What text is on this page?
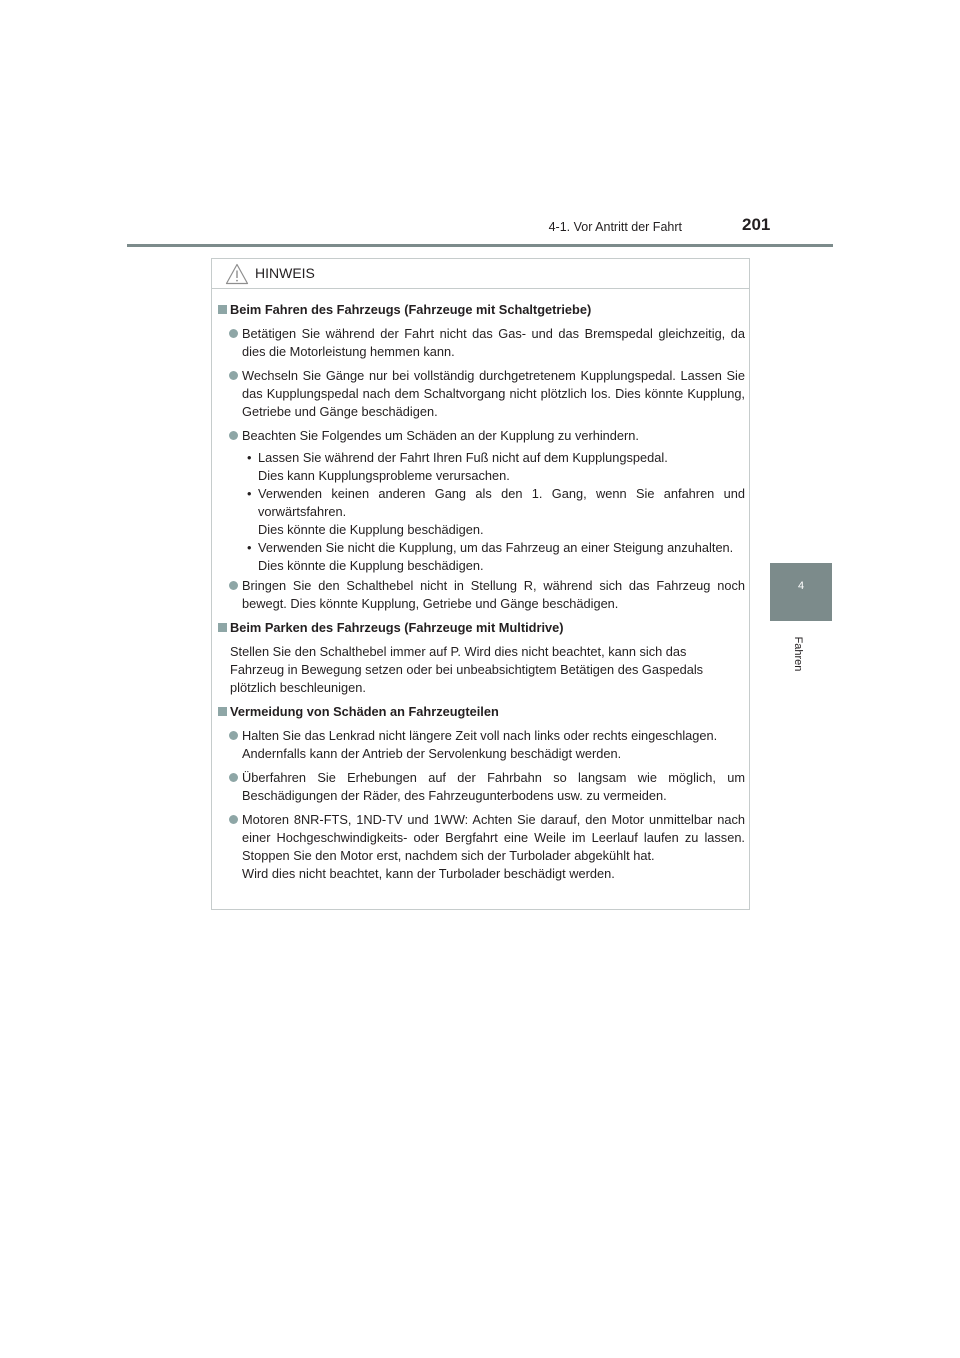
4-1. Vor Antritt der Fahrt	201
4
Fahren
HINWEIS
Beim Fahren des Fahrzeugs (Fahrzeuge mit Schaltgetriebe)
Betätigen Sie während der Fahrt nicht das Gas- und das Bremspedal gleichzeitig, da dies die Motorleistung hemmen kann.
Wechseln Sie Gänge nur bei vollständig durchgetretenem Kupplungspedal. Lassen Sie das Kupplungspedal nach dem Schaltvorgang nicht plötzlich los. Dies könnte Kupplung, Getriebe und Gänge beschädigen.
Beachten Sie Folgendes um Schäden an der Kupplung zu verhindern.
• Lassen Sie während der Fahrt Ihren Fuß nicht auf dem Kupplungspedal.
Dies kann Kupplungsprobleme verursachen.
• Verwenden keinen anderen Gang als den 1. Gang, wenn Sie anfahren und vorwärtsfahren.
Dies könnte die Kupplung beschädigen.
• Verwenden Sie nicht die Kupplung, um das Fahrzeug an einer Steigung anzuhalten.
Dies könnte die Kupplung beschädigen.
Bringen Sie den Schalthebel nicht in Stellung R, während sich das Fahrzeug noch bewegt. Dies könnte Kupplung, Getriebe und Gänge beschädigen.
Beim Parken des Fahrzeugs (Fahrzeuge mit Multidrive)
Stellen Sie den Schalthebel immer auf P. Wird dies nicht beachtet, kann sich das Fahrzeug in Bewegung setzen oder bei unbeabsichtigtem Betätigen des Gaspedals plötzlich beschleunigen.
Vermeidung von Schäden an Fahrzeugteilen
Halten Sie das Lenkrad nicht längere Zeit voll nach links oder rechts eingeschlagen.
Andernfalls kann der Antrieb der Servolenkung beschädigt werden.
Überfahren Sie Erhebungen auf der Fahrbahn so langsam wie möglich, um Beschädigungen der Räder, des Fahrzeugunterbodens usw. zu vermeiden.
Motoren 8NR-FTS, 1ND-TV und 1WW: Achten Sie darauf, den Motor unmittelbar nach einer Hochgeschwindigkeits- oder Bergfahrt eine Weile im Leerlauf laufen zu lassen. Stoppen Sie den Motor erst, nachdem sich der Turbolader abgekühlt hat.
Wird dies nicht beachtet, kann der Turbolader beschädigt werden.
